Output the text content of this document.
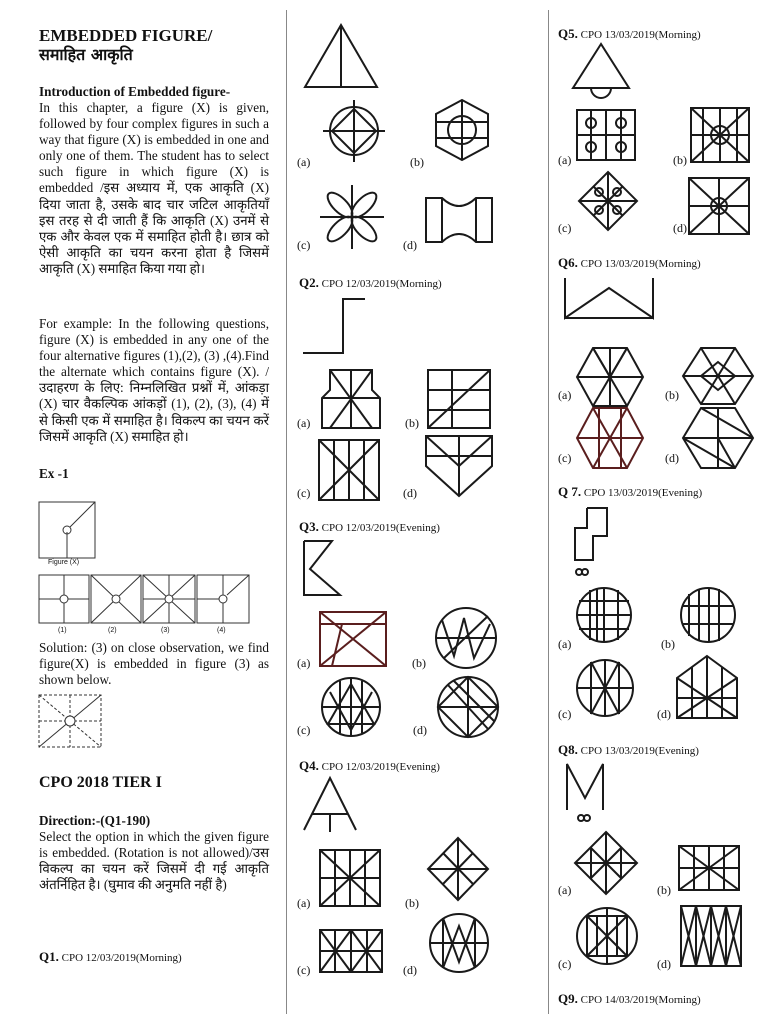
EMBEDDED FIGURE/
समाहित आकृति
Introduction of Embedded figure-
In this chapter, a figure (X) is given, followed by four complex figures in such a way that figure (X) is embedded in one and only one of them. The student has to select such figure in which figure (X) is embedded /इस अध्याय में, एक आकृति (X) दिया जाता है, उसके बाद चार जटिल आकृतियाँ इस तरह से दी जाती हैं कि आकृति (X) उनमें से एक और केवल एक में समाहित होती है। छात्र को ऐसी आकृति का चयन करना होता है जिसमें आकृति (X) समाहित किया गया हो।
For example: In the following questions, figure (X) is embedded in any one of the four alternative figures (1),(2), (3) ,(4).Find the alternate which contains figure (X). /उदाहरण के लिए: निम्नलिखित प्रश्नों में, आंकड़ा (X) चार वैकल्पिक आंकड़ों (1), (2), (3), (4) में से किसी एक में समाहित है। विकल्प का चयन करें जिसमें आकृति (X) समाहित हो।
Ex -1
Figure (X)
(1)	(2)	(3)	(4)
Solution: (3) on close observation, we find figure(X) is embedded in figure (3) as shown below.
CPO 2018 TIER I
Direction:-(Q1-190)
Select the option in which the given figure is embedded. (Rotation is not allowed)/उस विकल्प का चयन करें जिसमें दी गई आकृति अंतर्निहित है। (घुमाव की अनुमति नहीं है)
Q1. CPO 12/03/2019(Morning)
(a)	(b)
(c)	(d)
Q2. CPO 12/03/2019(Morning)
(a)	(b)
(c)	(d)
Q3. CPO 12/03/2019(Evening)
(a)	(b)
(c)	(d)
Q4. CPO 12/03/2019(Evening)
(a)	(b)
(c)	(d)
Q5. CPO 13/03/2019(Morning)
(a)	(b)
(c)	(d)
Q6. CPO 13/03/2019(Morning)
(a)	(b)
(c)	(d)
Q 7. CPO 13/03/2019(Evening)
(a)	(b)
(c)	(d)
Q8. CPO 13/03/2019(Evening)
(a)	(b)
(c)	(d)
Q9. CPO 14/03/2019(Morning)
